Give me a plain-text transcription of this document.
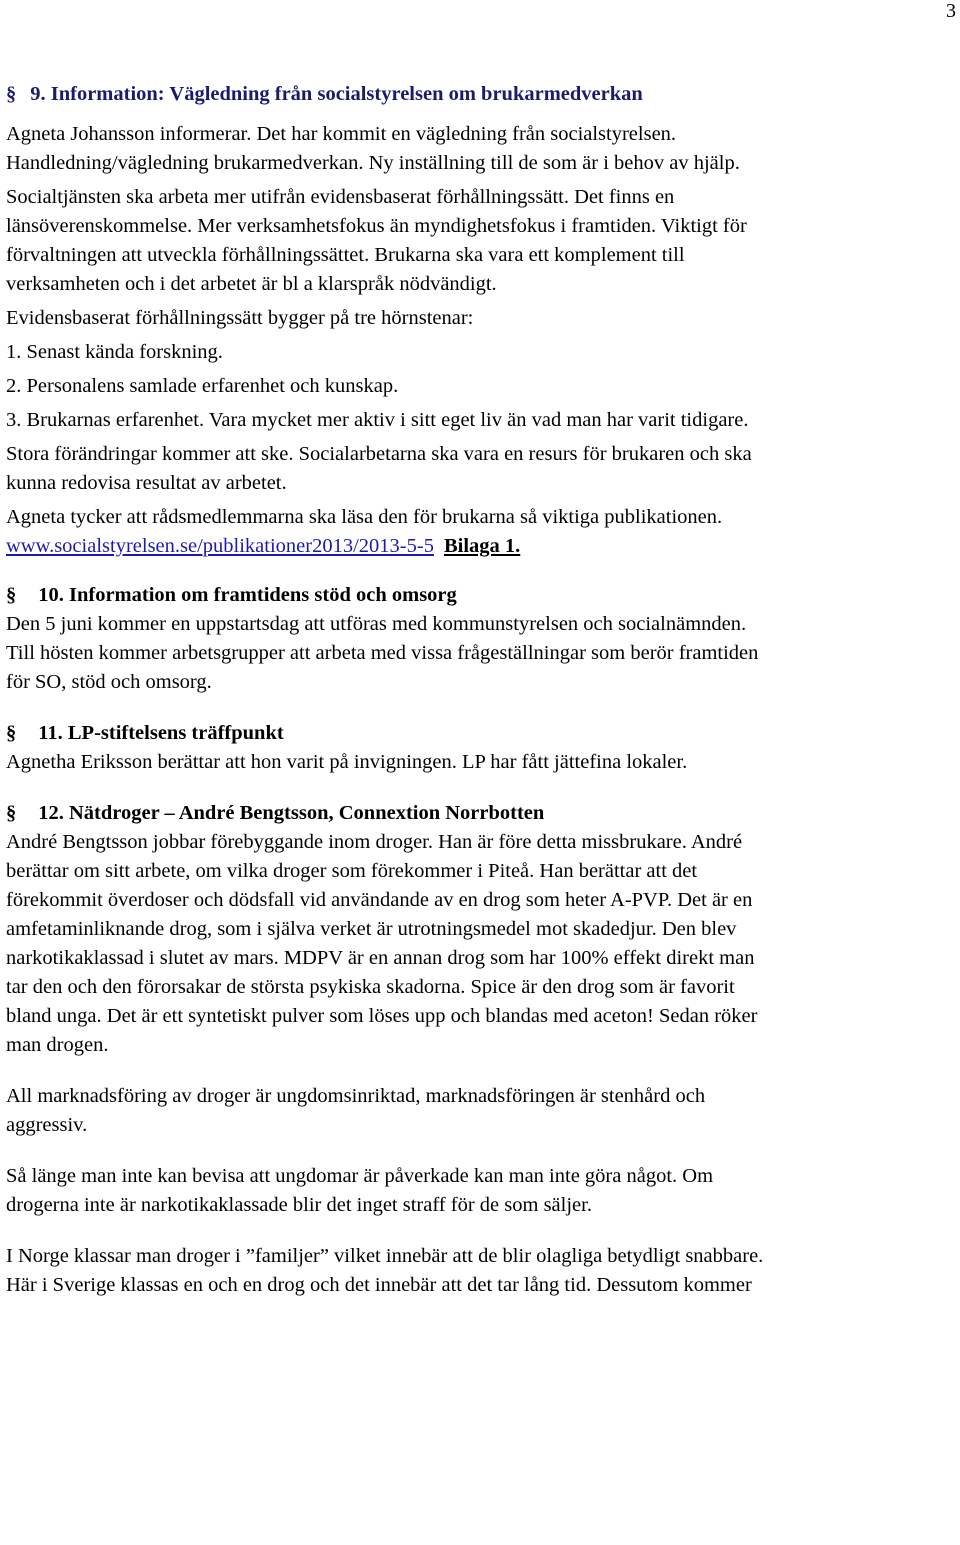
3

§ 9. Information: Vägledning från socialstyrelsen om brukarmedverkan

Agneta Johansson informerar. Det har kommit en vägledning från socialstyrelsen.

Handledning/vägledning brukarmedverkan. Ny inställning till de som är i behov av hjälp.

Socialtjänsten ska arbeta mer utifrån evidensbaserat förhållningssätt. Det finns en

länsöverenskommelse. Mer verksamhetsfokus än myndighetsfokus i framtiden. Viktigt för

förvaltningen att utveckla förhållningssättet. Brukarna ska vara ett komplement till

verksamheten och i det arbetet är bl a klarspråk nödvändigt.

Evidensbaserat förhållningssätt bygger på tre hörnstenar:

1. Senast kända forskning.

2. Personalens samlade erfarenhet och kunskap.

3. Brukarnas erfarenhet. Vara mycket mer aktiv i sitt eget liv än vad man har varit tidigare.

Stora förändringar kommer att ske. Socialarbetarna ska vara en resurs för brukaren och ska

kunna redovisa resultat av arbetet.

Agneta tycker att rådsmedlemmarna ska läsa den för brukarna så viktiga publikationen.

www.socialstyrelsen.se/publikationer2013/2013-5-5 Bilaga 1.

§ 10. Information om framtidens stöd och omsorg

Den 5 juni kommer en uppstartsdag att utföras med kommunstyrelsen och socialnämnden.

Till hösten kommer arbetsgrupper att arbeta med vissa frågeställningar som berör framtiden

för SO, stöd och omsorg.

§ 11. LP-stiftelsens träffpunkt

Agnetha Eriksson berättar att hon varit på invigningen. LP har fått jättefina lokaler.

§ 12. Nätdroger – André Bengtsson, Connextion Norrbotten

André Bengtsson jobbar förebyggande inom droger. Han är före detta missbrukare. André

berättar om sitt arbete, om vilka droger som förekommer i Piteå. Han berättar att det

förekommit överdoser och dödsfall vid användande av en drog som heter A-PVP. Det är en

amfetaminliknande drog, som i själva verket är utrotningsmedel mot skadedjur. Den blev

narkotikaklassad i slutet av mars. MDPV är en annan drog som har 100% effekt direkt man

tar den och den förorsakar de största psykiska skadorna. Spice är den drog som är favorit

bland unga. Det är ett syntetiskt pulver som löses upp och blandas med aceton! Sedan röker

man drogen.

All marknadsföring av droger är ungdomsinriktad, marknadsföringen är stenhård och

aggressiv.

Så länge man inte kan bevisa att ungdomar är påverkade kan man inte göra något. Om

drogerna inte är narkotikaklassade blir det inget straff för de som säljer.

I Norge klassar man droger i ”familjer” vilket innebär att de blir olagliga betydligt snabbare.

Här i Sverige klassas en och en drog och det innebär att det tar lång tid. Dessutom kommer
